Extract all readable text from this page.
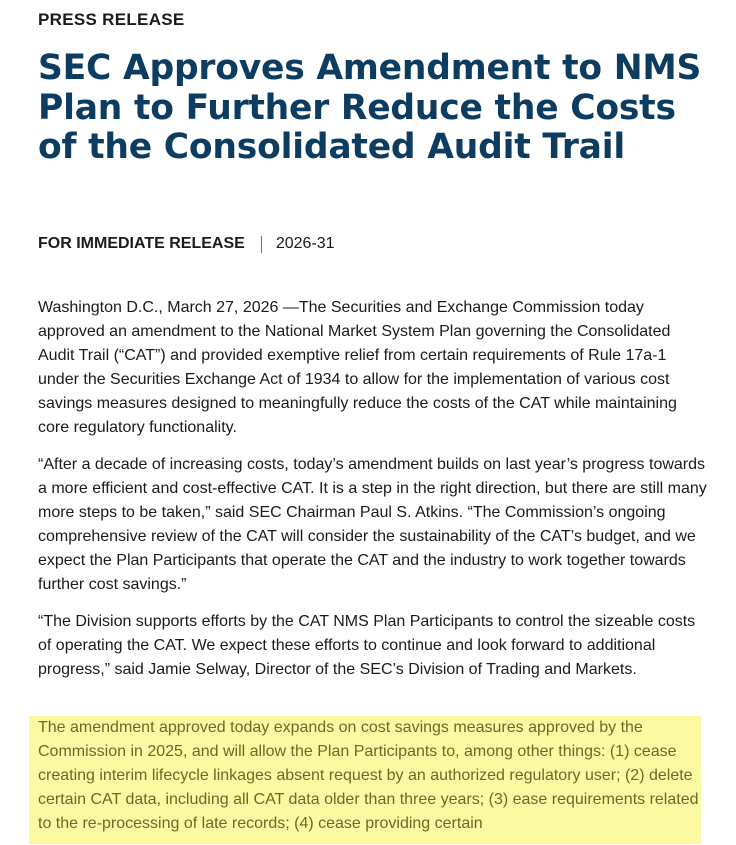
PRESS RELEASE
SEC Approves Amendment to NMS Plan to Further Reduce the Costs of the Consolidated Audit Trail
FOR IMMEDIATE RELEASE 2026-31

Washington D.C., March 27, 2026 —The Securities and Exchange Commission today approved an amendment to the National Market System Plan governing the Consolidated Audit Trail (“CAT”) and provided exemptive relief from certain requirements of Rule 17a-1 under the Securities Exchange Act of 1934 to allow for the implementation of various cost savings measures designed to meaningfully reduce the costs of the CAT while maintaining core regulatory functionality.

“After a decade of increasing costs, today’s amendment builds on last year’s progress towards a more efficient and cost-effective CAT. It is a step in the right direction, but there are still many more steps to be taken,” said SEC Chairman Paul S. Atkins. “The Commission’s ongoing comprehensive review of the CAT will consider the sustainability of the CAT’s budget, and we expect the Plan Participants that operate the CAT and the industry to work together towards further cost savings.”

“The Division supports efforts by the CAT NMS Plan Participants to control the sizeable costs of operating the CAT. We expect these efforts to continue and look forward to additional progress,” said Jamie Selway, Director of the SEC’s Division of Trading and Markets.

The amendment approved today expands on cost savings measures approved by the Commission in 2025, and will allow the Plan Participants to, among other things: (1) cease creating interim lifecycle linkages absent request by an authorized regulatory user; (2) delete certain CAT data, including all CAT data older than three years; (3) ease requirements related to the re-processing of late records; (4) cease providing certain
